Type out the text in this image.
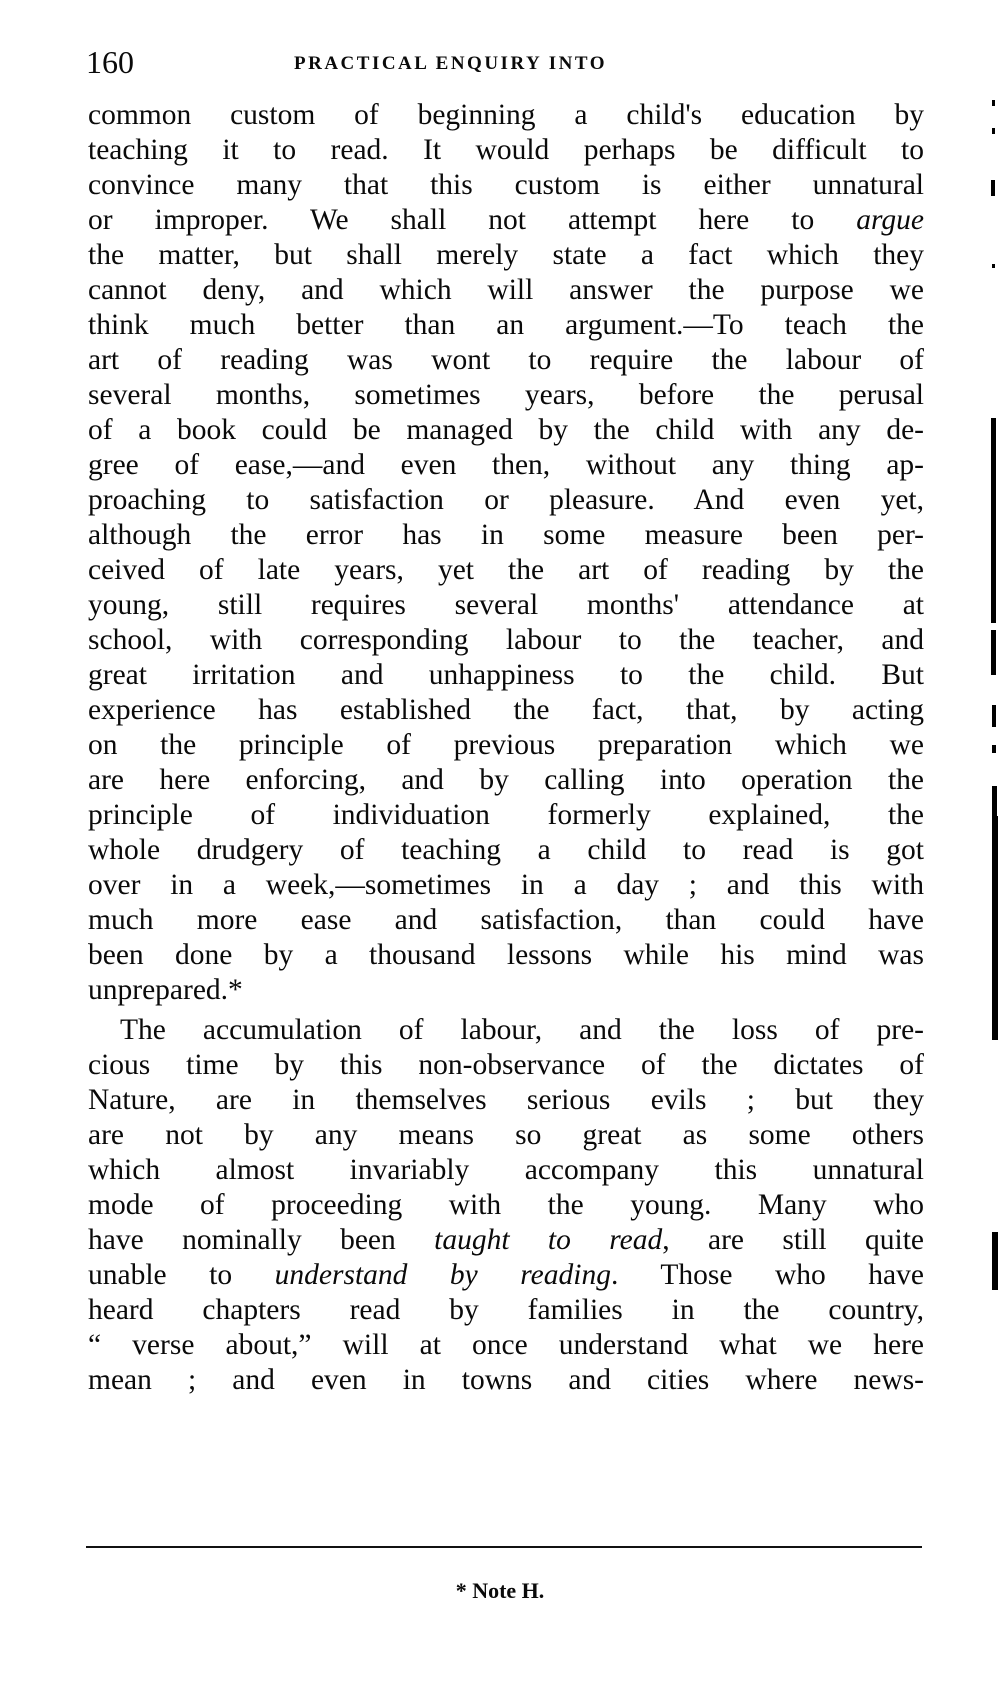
160	PRACTICAL ENQUIRY INTO
common custom of beginning a child's education by
teaching it to read. It would perhaps be difficult to
convince many that this custom is either unnatural
or improper. We shall not attempt here to argue
the matter, but shall merely state a fact which they
cannot deny, and which will answer the purpose we
think much better than an argument.—To teach the
art of reading was wont to require the labour of
several months, sometimes years, before the perusal
of a book could be managed by the child with any de-
gree of ease,—and even then, without any thing ap-
proaching to satisfaction or pleasure. And even yet,
although the error has in some measure been per-
ceived of late years, yet the art of reading by the
young, still requires several months' attendance at
school, with corresponding labour to the teacher, and
great irritation and unhappiness to the child. But
experience has established the fact, that, by acting
on the principle of previous preparation which we
are here enforcing, and by calling into operation the
principle of individuation formerly explained, the
whole drudgery of teaching a child to read is got
over in a week,—sometimes in a day ; and this with
much more ease and satisfaction, than could have
been done by a thousand lessons while his mind was
unprepared.*
The accumulation of labour, and the loss of pre-
cious time by this non-observance of the dictates of
Nature, are in themselves serious evils ; but they
are not by any means so great as some others
which almost invariably accompany this unnatural
mode of proceeding with the young. Many who
have nominally been taught to read, are still quite
unable to understand by reading. Those who have
heard chapters read by families in the country,
“ verse about,” will at once understand what we here
mean ; and even in towns and cities where news-
* Note H.
